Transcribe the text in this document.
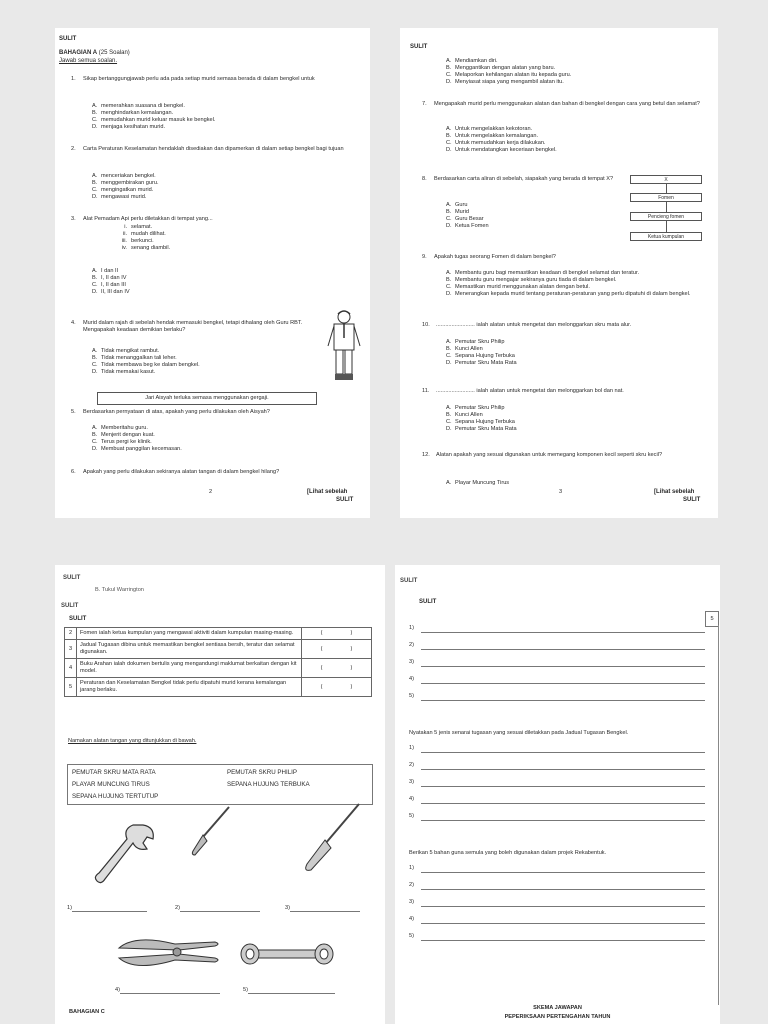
SULIT
BAHAGIAN A (25 Soalan)
Jawab semua soalan.
1.	Sikap bertanggungjawab perlu ada pada setiap murid semasa berada di dalam bengkel untuk
A. memerahkan suasana di bengkel.
B. menghindarkan kemalangan.
C. memudahkan murid keluar masuk ke bengkel.
D. menjaga kesihatan murid.
2.	Carta Peraturan Keselamatan hendaklah disediakan dan dipamerkan di dalam setiap bengkel bagi tujuan
A. menceriakan bengkel.
B. menggembirakan guru.
C. mengingatkan murid.
D. mengawasi murid.
3.	Alat Pemadam Api perlu diletakkan di tempat yang...
i. selamat.
ii. mudah dilihat.
iii. berkunci.
iv. senang diambil.
A. I dan II
B. I, II dan IV
C. I, II dan III
D. II, III dan IV
4.	Murid dalam rajah di sebelah hendak memasuki bengkel, tetapi dihalang oleh Guru RBT. Mengapakah keadaan demikian berlaku?
A. Tidak mengikat rambut.
B. Tidak menanggalkan tali leher.
C. Tidak membawa beg ke dalam bengkel.
D. Tidak memakai kasut.
Jari Aisyah terluka semasa menggunakan gergaji.
5.	Berdasarkan pernyataan di atas, apakah yang perlu dilakukan oleh Aisyah?
A. Memberitahu guru.
B. Menjerit dengan kuat.
C. Terus pergi ke klinik.
D. Membuat panggilan kecemasan.
6.	Apakah yang perlu dilakukan sekiranya alatan tangan di dalam bengkel hilang?
2	[Lihat sebelah
SULIT
SULIT
A. Mendiamkan diri.
B. Menggantikan dengan alatan yang baru.
C. Melaporkan kehilangan alatan itu kepada guru.
D. Menyiasat siapa yang mengambil alatan itu.
7.	Mengapakah murid perlu menggunakan alatan dan bahan di bengkel dengan cara yang betul dan selamat?
A. Untuk mengelakkan kekotoran.
B. Untuk mengelakkan kemalangan.
C. Untuk memudahkan kerja dilakukan.
D. Untuk mendatangkan keceriaan bengkel.
8.	Berdasarkan carta aliran di sebelah, siapakah yang berada di tempat X?
A. Guru
B. Murid
C. Guru Besar
D. Ketua Fomen
X
Fomen
Pencieng fomen
Ketua kumpulan
9.	Apakah tugas seorang Fomen di dalam bengkel?
A. Membantu guru bagi memastikan keadaan di bengkel selamat dan teratur.
B. Membantu guru mengajar sekiranya guru tiada di dalam bengkel.
C. Memastikan murid menggunakan alatan dengan betul.
D. Menerangkan kepada murid tentang peraturan-peraturan yang perlu dipatuhi di dalam bengkel.
10.	......................... ialah alatan untuk mengetat dan melonggarkan skru mata alur.
A. Pemutar Skru Philip
B. Kunci Allen
C. Sepana Hujung Terbuka
D. Pemutar Skru Mata Rata
11.	......................... ialah alatan untuk mengetat dan melonggarkan bol dan nat.
A. Pemutar Skru Philip
B. Kunci Allen
C. Sepana Hujung Terbuka
D. Pemutar Skru Mata Rata
12.	Alatan apakah yang sesuai digunakan untuk memegang komponen kecil seperti skru kecil?
A. Playar Muncung Tirus
3	[Lihat sebelah
SULIT
SULIT
B. Tukul Warrington
SULIT
SULIT
2	Fomen ialah ketua kumpulan yang mengawal aktiviti dalam kumpulan masing-masing.	(                  )
3	Jadual Tugasan dibina untuk memastikan bengkel sentiasa bersih, teratur dan selamat digunakan.	(                  )
4	Buku Arahan ialah dokumen bertulis yang mengandungi maklumat berkaitan dengan kit model.	(                  )
5	Peraturan dan Keselamatan Bengkel tidak perlu dipatuhi murid kerana kemalangan jarang berlaku.	(                  )
Namakan alatan tangan yang ditunjukkan di bawah.
PEMUTAR SKRU MATA RATA	PEMUTAR SKRU PHILIP
PLAYAR MUNCUNG TIRUS	SEPANA HUJUNG TERBUKA
SEPANA HUJUNG TERTUTUP
1)	2)	3)
4)	5)
BAHAGIAN C
SULIT
SULIT
5
1)
2)
3)
4)
5)
Nyatakan 5 jenis senarai tugasan yang sesuai diletakkan pada Jadual Tugasan Bengkel.
1)
2)
3)
4)
5)
Berikan 5 bahan guna semula yang boleh digunakan dalam projek Rekabentuk.
1)
2)
3)
4)
5)
SKEMA JAWAPAN
PEPERIKSAAN PERTENGAHAN TAHUN
